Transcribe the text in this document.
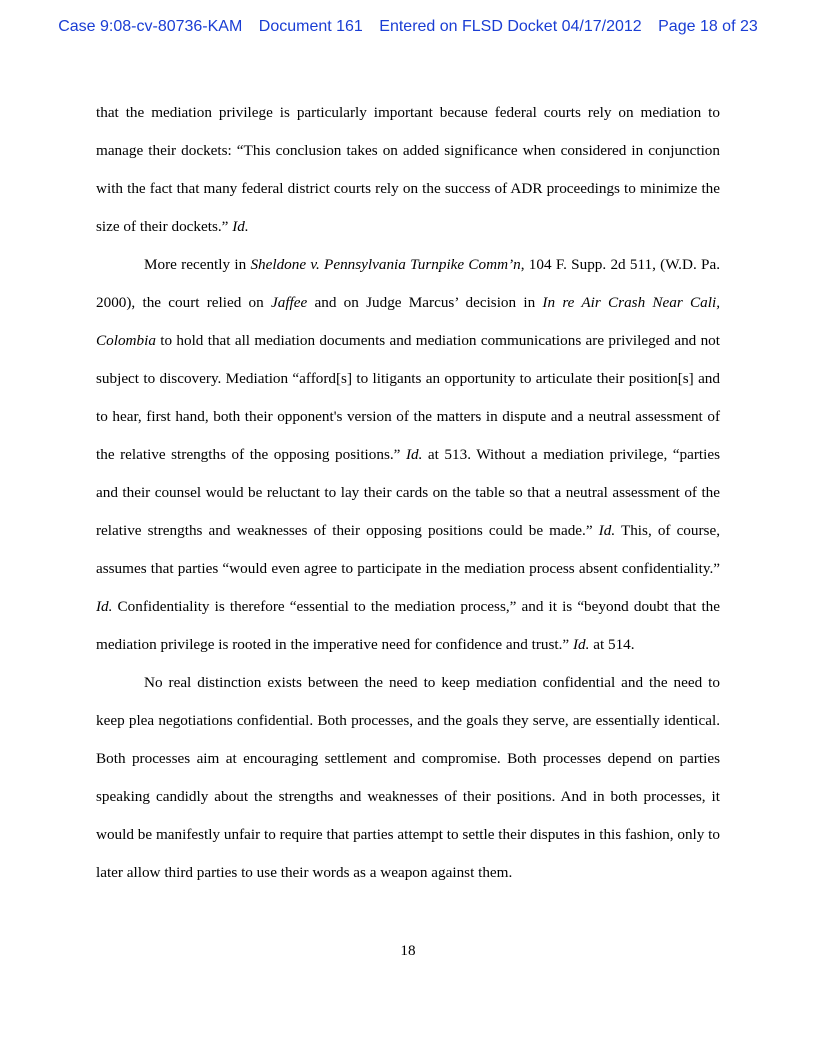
Case 9:08-cv-80736-KAM Document 161 Entered on FLSD Docket 04/17/2012 Page 18 of 23

that the mediation privilege is particularly important because federal courts rely on mediation to manage their dockets: “This conclusion takes on added significance when considered in conjunction with the fact that many federal district courts rely on the success of ADR proceedings to minimize the size of their dockets.” Id.

More recently in Sheldone v. Pennsylvania Turnpike Comm’n, 104 F. Supp. 2d 511, (W.D. Pa. 2000), the court relied on Jaffee and on Judge Marcus’ decision in In re Air Crash Near Cali, Colombia to hold that all mediation documents and mediation communications are privileged and not subject to discovery. Mediation “afford[s] to litigants an opportunity to articulate their position[s] and to hear, first hand, both their opponent's version of the matters in dispute and a neutral assessment of the relative strengths of the opposing positions.” Id. at 513. Without a mediation privilege, “parties and their counsel would be reluctant to lay their cards on the table so that a neutral assessment of the relative strengths and weaknesses of their opposing positions could be made.” Id. This, of course, assumes that parties “would even agree to participate in the mediation process absent confidentiality.” Id. Confidentiality is therefore “essential to the mediation process,” and it is “beyond doubt that the mediation privilege is rooted in the imperative need for confidence and trust.” Id. at 514.

No real distinction exists between the need to keep mediation confidential and the need to keep plea negotiations confidential. Both processes, and the goals they serve, are essentially identical. Both processes aim at encouraging settlement and compromise. Both processes depend on parties speaking candidly about the strengths and weaknesses of their positions. And in both processes, it would be manifestly unfair to require that parties attempt to settle their disputes in this fashion, only to later allow third parties to use their words as a weapon against them.

18
